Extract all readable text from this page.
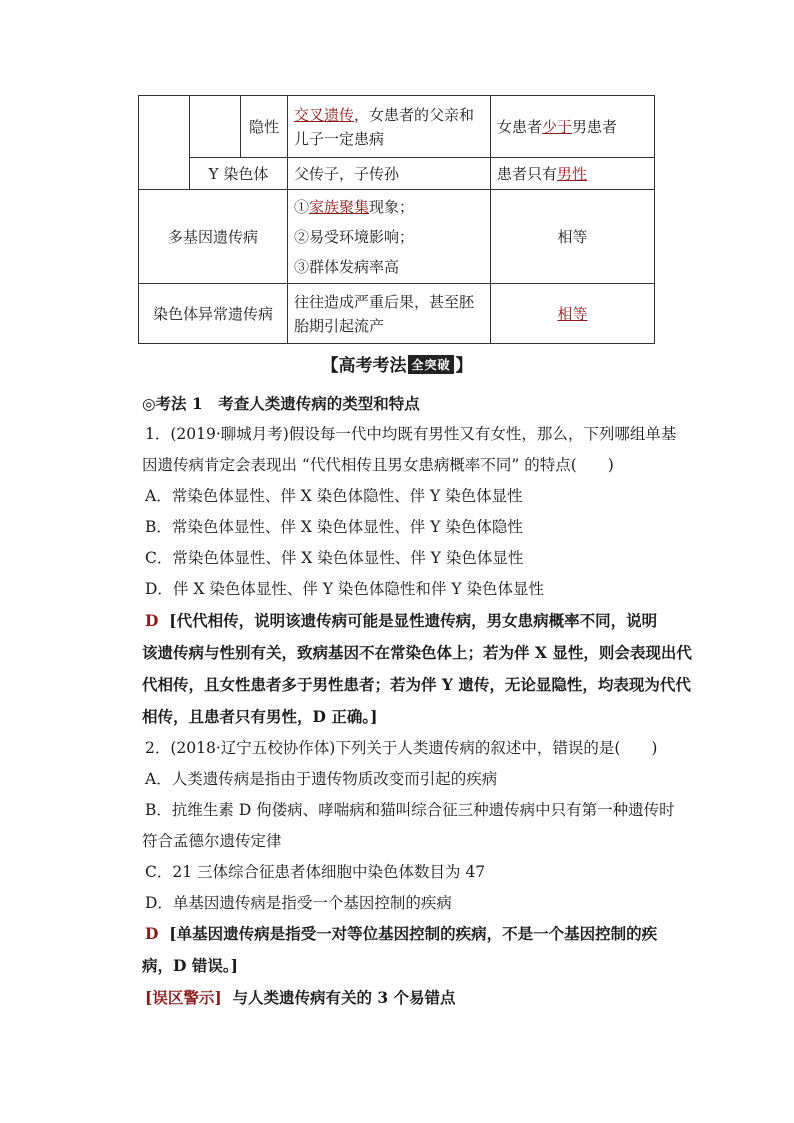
		隐性	交叉遗传，女患者的父亲和
儿子一定患病	女患者少于男患者
	Y 染色体		父传子，子传孙	患者只有男性
多基因遗传病			①家族聚集现象；
②易受环境影响；
③群体发病率高	相等
染色体异常遗传病			往往造成严重后果，甚至胚
胎期引起流产	相等
【高考考法 全突破 】
◎考法 1　考查人类遗传病的类型和特点
1．(2019·聊城月考)假设每一代中均既有男性又有女性，那么，下列哪组单基
因遗传病肯定会表现出 “代代相传且男女患病概率不同” 的特点(　　)
A．常染色体显性、伴 X 染色体隐性、伴 Y 染色体显性
B．常染色体显性、伴 X 染色体显性、伴 Y 染色体隐性
C．常染色体显性、伴 X 染色体显性、伴 Y 染色体显性
D．伴 X 染色体显性、伴 Y 染色体隐性和伴 Y 染色体显性
D [代代相传，说明该遗传病可能是显性遗传病，男女患病概率不同，说明
该遗传病与性别有关，致病基因不在常染色体上；若为伴 X 显性，则会表现出代
代相传，且女性患者多于男性患者；若为伴 Y 遗传，无论显隐性，均表现为代代
相传，且患者只有男性，D 正确。]
2．(2018·辽宁五校协作体)下列关于人类遗传病的叙述中，错误的是(　　)
A．人类遗传病是指由于遗传物质改变而引起的疾病
B．抗维生素 D 佝偻病、哮喘病和猫叫综合征三种遗传病中只有第一种遗传时
符合孟德尔遗传定律
C．21 三体综合征患者体细胞中染色体数目为 47
D．单基因遗传病是指受一个基因控制的疾病
D [单基因遗传病是指受一对等位基因控制的疾病，不是一个基因控制的疾
病，D 错误。]
[误区警示] 与人类遗传病有关的 3 个易错点
